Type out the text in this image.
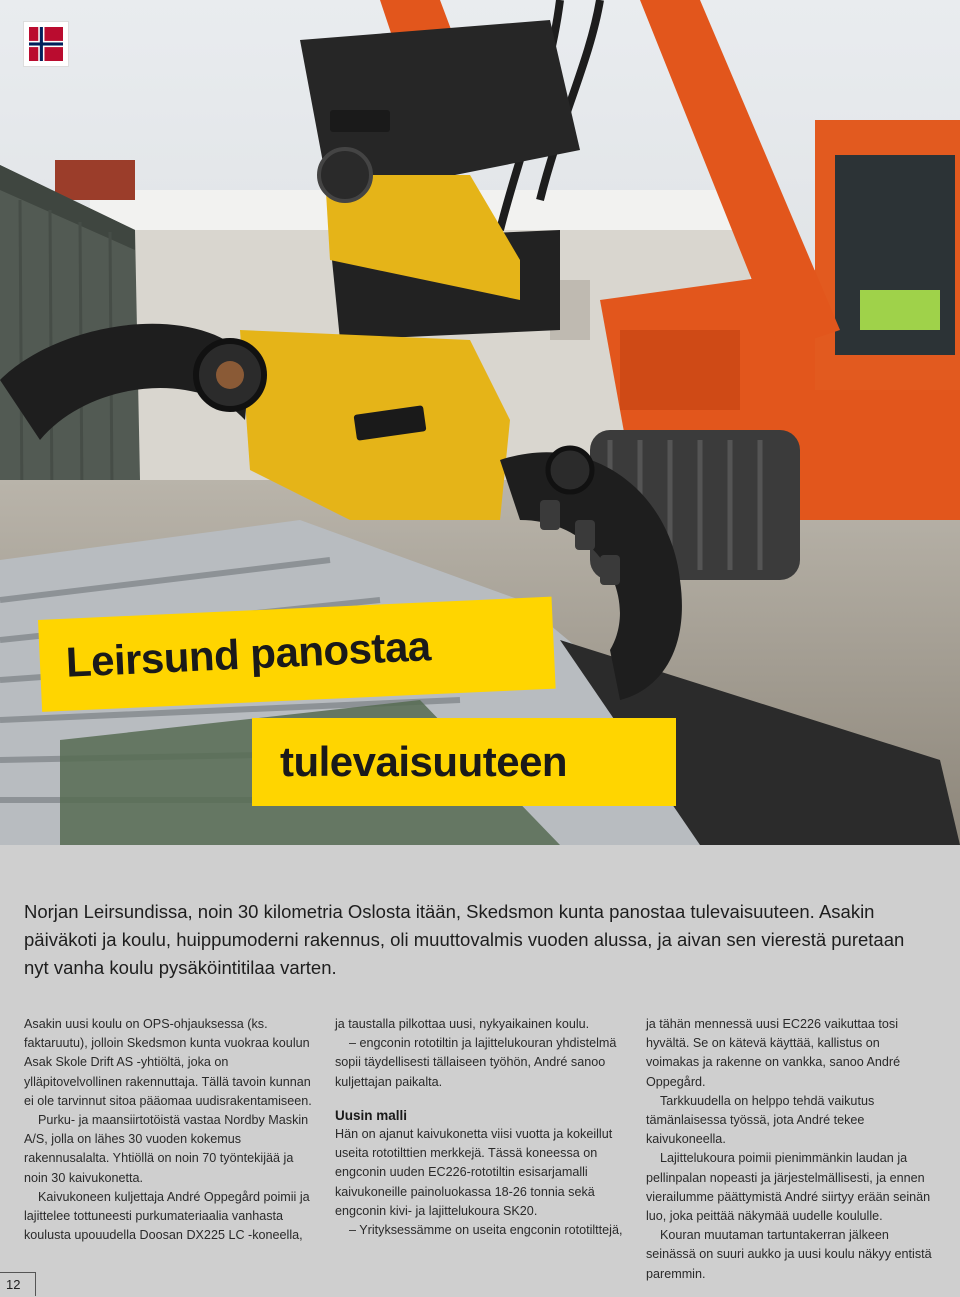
Leirsund panostaa
tulevaisuuteen

Norjan Leirsundissa, noin 30 kilometria Oslosta itään, Skedsmon kunta panostaa tulevaisuuteen. Asakin päiväkoti ja koulu, huippumoderni rakennus, oli muuttovalmis vuoden alussa, ja aivan sen vierestä puretaan nyt vanha koulu pysäköintitilaa varten.

Asakin uusi koulu on OPS-ohjauksessa (ks. faktaruutu), jolloin Skedsmon kunta vuokraa koulun Asak Skole Drift AS -yhtiöltä, joka on ylläpitovelvollinen rakennuttaja. Tällä tavoin kunnan ei ole tarvinnut sitoa pääomaa uudisrakentamiseen.

Purku- ja maansiirtotöistä vastaa Nordby Maskin A/S, jolla on lähes 30 vuoden kokemus rakennusalalta. Yhtiöllä on noin 70 työntekijää ja noin 30 kaivukonetta.

Kaivukoneen kuljettaja André Oppegård poimii ja lajittelee tottuneesti purkumateriaalia vanhasta koulusta upouudella Doosan DX225 LC -koneella,

ja taustalla pilkottaa uusi, nykyaikainen koulu.

– engconin rototiltin ja lajittelukouran yhdistelmä sopii täydellisesti tällaiseen työhön, André sanoo kuljettajan paikalta.

Uusin malli

Hän on ajanut kaivukonetta viisi vuotta ja kokeillut useita rototilttien merkkejä. Tässä koneessa on engconin uuden EC226-rototiltin esisarjamalli kaivukoneille painoluokassa 18-26 tonnia sekä engconin kivi- ja lajittelukoura SK20.

– Yrityksessämme on useita engconin rototilttejä,

ja tähän mennessä uusi EC226 vaikuttaa tosi hyvältä. Se on kätevä käyttää, kallistus on voimakas ja rakenne on vankka, sanoo André Oppegård.

Tarkkuudella on helppo tehdä vaikutus tämänlaisessa työssä, jota André tekee kaivukoneella.

Lajittelukoura poimii pienimmänkin laudan ja pellinpalan nopeasti ja järjestelmällisesti, ja ennen vierailumme päättymistä André siirtyy erään seinän luo, joka peittää näkymää uudelle koululle.

Kouran muutaman tartuntakerran jälkeen seinässä on suuri aukko ja uusi koulu näkyy entistä paremmin.

12
